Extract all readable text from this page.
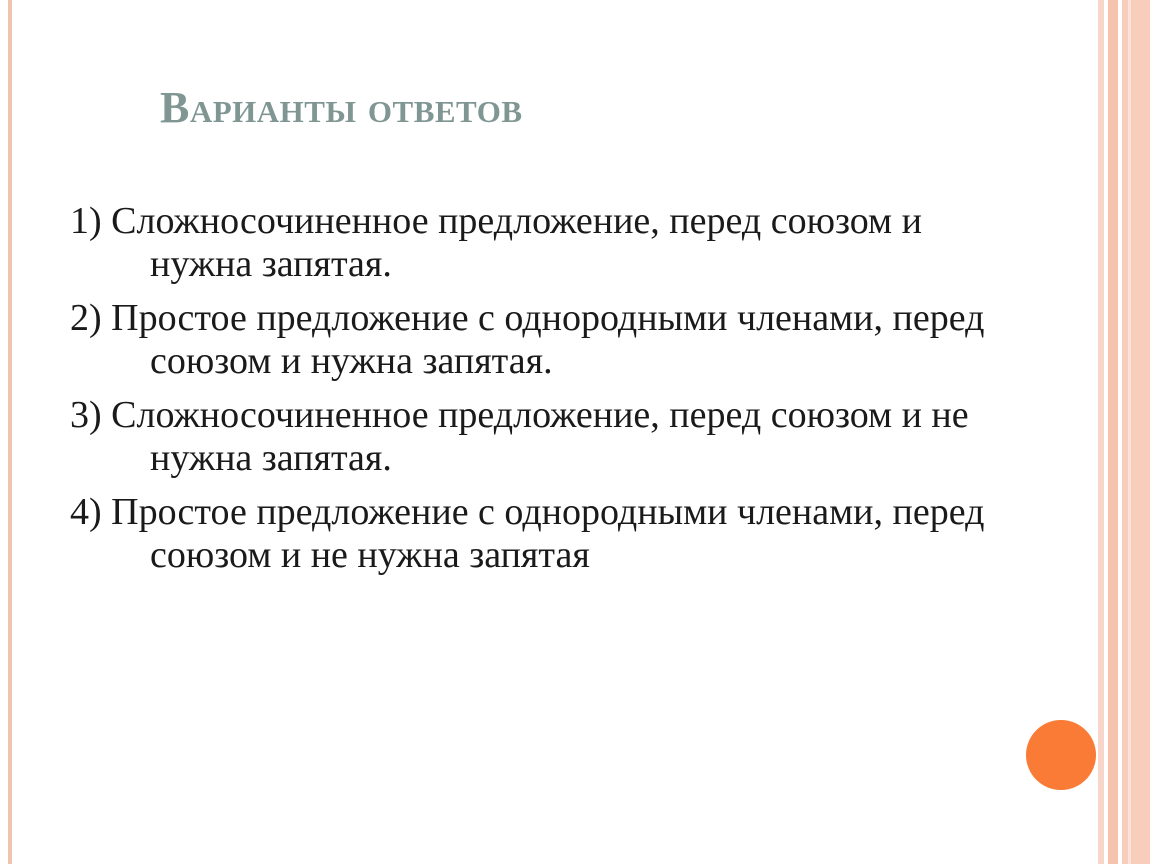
Варианты ответов
1) Сложносочиненное предложение, перед союзом и нужна запятая.
2) Простое предложение с однородными членами, перед союзом и нужна запятая.
3) Сложносочиненное предложение, перед союзом и не нужна запятая.
4) Простое предложение с однородными членами, перед союзом и не нужна запятая
